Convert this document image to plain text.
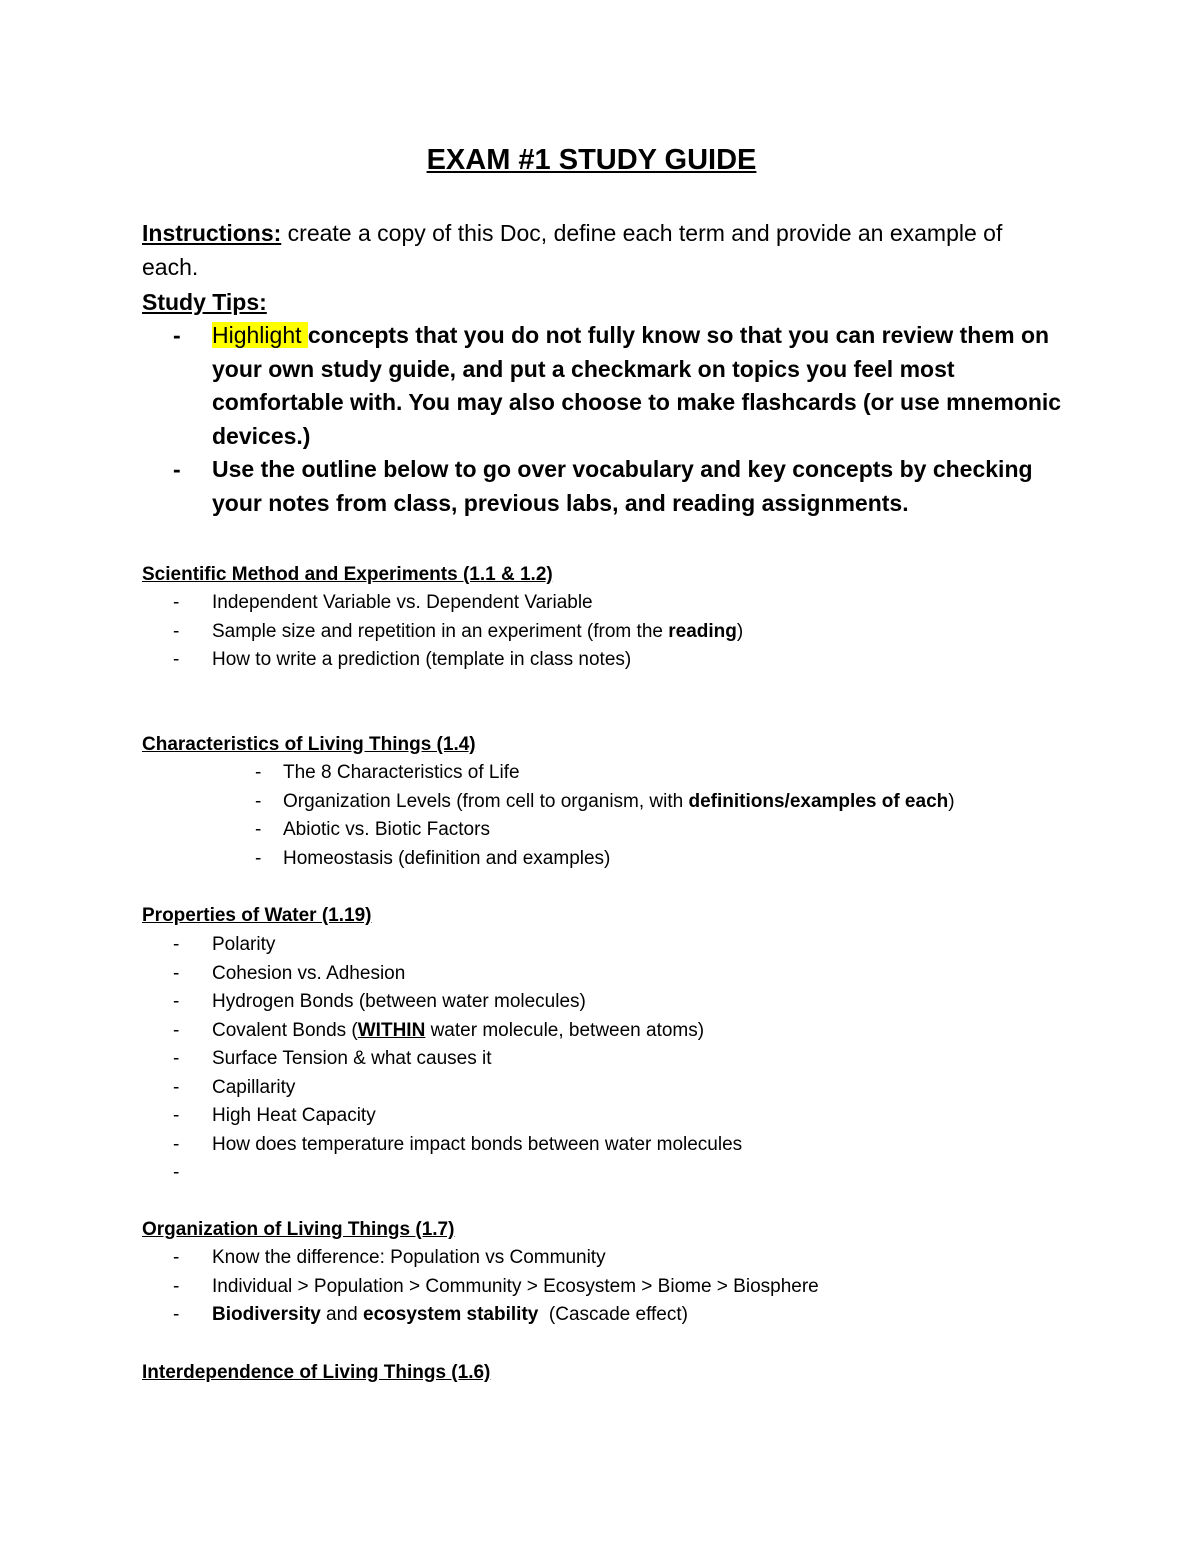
EXAM #1 STUDY GUIDE
Instructions: create a copy of this Doc, define each term and provide an example of each.
Study Tips:
- Highlight concepts that you do not fully know so that you can review them on your own study guide, and put a checkmark on topics you feel most comfortable with. You may also choose to make flashcards (or use mnemonic devices.)
- Use the outline below to go over vocabulary and key concepts by checking your notes from class, previous labs, and reading assignments.
Scientific Method and Experiments (1.1 & 1.2)
- Independent Variable vs. Dependent Variable
- Sample size and repetition in an experiment (from the reading)
- How to write a prediction (template in class notes)
Characteristics of Living Things (1.4)
- The 8 Characteristics of Life
- Organization Levels (from cell to organism, with definitions/examples of each)
- Abiotic vs. Biotic Factors
- Homeostasis (definition and examples)
Properties of Water (1.19)
- Polarity
- Cohesion vs. Adhesion
- Hydrogen Bonds (between water molecules)
- Covalent Bonds (WITHIN water molecule, between atoms)
- Surface Tension & what causes it
- Capillarity
- High Heat Capacity
- How does temperature impact bonds between water molecules
-

Organization of Living Things (1.7)
- Know the difference: Population vs Community
- Individual > Population > Community > Ecosystem > Biome > Biosphere
- Biodiversity and ecosystem stability  (Cascade effect)
Interdependence of Living Things (1.6)
